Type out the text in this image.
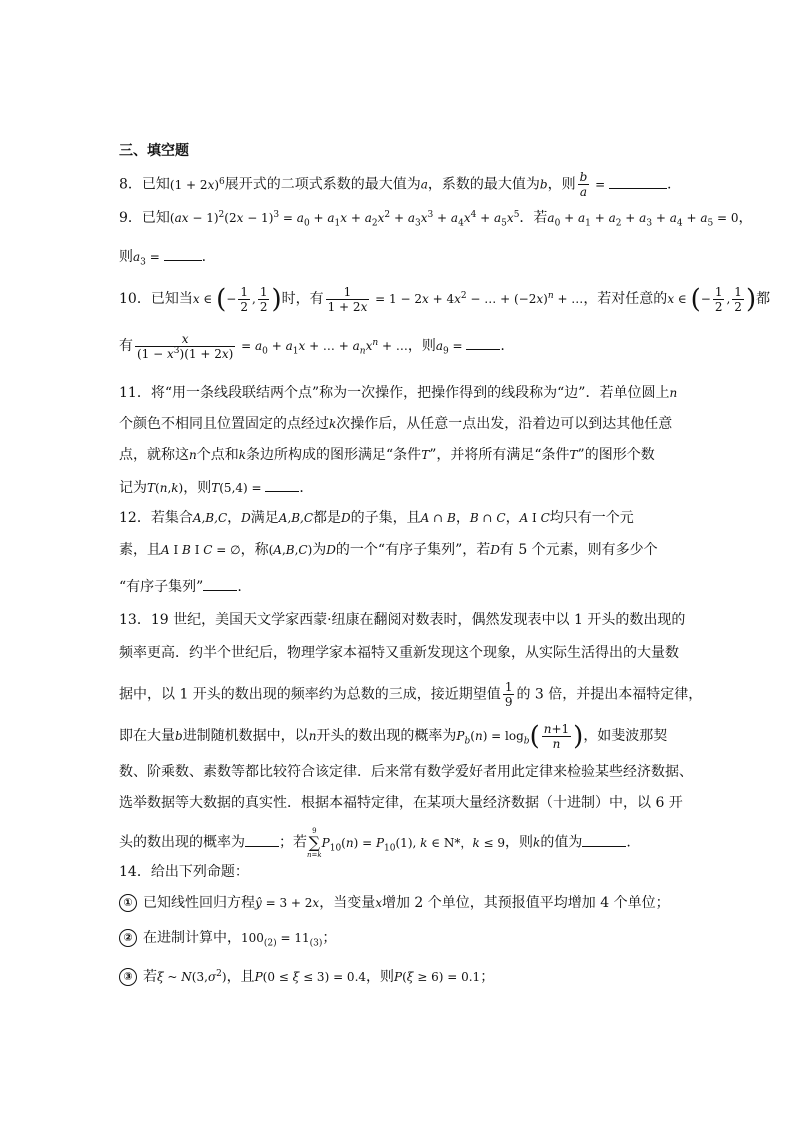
三、填空题
8．已知$(1 + 2x)^6$展开式的二项式系数的最大值为a，系数的最大值为b，则 $\frac{b}{a}$ =	.
9．已知$(ax - 1)^2(2x - 1)^3 = a_0 + a_1x + a_2x^2 + a_3x^3 + a_4x^4 + a_5x^5$．若$a_0 + a_1 + a_2 + a_3 + a_4 + a_5 = 0$，
则$a_3$ =	.
10．已知当x ∈ (− $\frac{1}{2}$ , $\frac{1}{2}$ )时，有 $\frac{1}{1 + 2x} = 1 - 2x + 4x^2$ − … + $(-2x)^n$ + …，若对任意的x ∈ (− $\frac{1}{2}$ , $\frac{1}{2}$ )都
有 $\frac{x}{(1 - x^3)(1 + 2x)} = a_0 + a_1x$ + … + $a_nx^n$ + …，则$a_9$ = .
11．将“用一条线段联结两个点”称为一次操作，把操作得到的线段称为“边”．若单位圆上n
个颜色不相同且位置固定的点经过k次操作后，从任意一点出发，沿着边可以到达其他任意
点，就称这n个点和k条边所构成的图形满足“条件T”，并将所有满足“条件T”的图形个数
记为T(n,k)，则T(5,4) = ．
12．若集合A,B,C，D满足A,B,C都是D的子集，且A ∩ B，B ∩ C，A I C均只有一个元
素，且A I B I C = ∅，称(A,B,C)为D的一个“有序子集列”，若D有 5 个元素，则有多少个
“有序子集列” .
13．19 世纪，美国天文学家西蒙·纽康在翻阅对数表时，偶然发现表中以 1 开头的数出现的
频率更高．约半个世纪后，物理学家本福特又重新发现这个现象，从实际生活得出的大量数
据中，以 1 开头的数出现的频率约为总数的三成，接近期望值 $\frac{1}{9}$ 的 3 倍，并提出本福特定律，
即在大量b进制随机数据中，以n开头的数出现的概率为$P_b(n) = \log_b( \frac{n+1}{n}$ )，如斐波那契
数、阶乘数、素数等都比较符合该定律．后来常有数学爱好者用此定律来检验某些经济数据、
选举数据等大数据的真实性．根据本福特定律，在某项大量经济数据（十进制）中，以 6 开
头的数出现的概率为 ；若
9
∑
n=k
$P_{10}(n) = P_{10}(1)$, k ∈ N*，k ≤ 9，则k的值为	.
14．给出下列命题：
① 已知线性回归方程ŷ = 3 + 2x，当变量x增加 2 个单位，其预报值平均增加 4 个单位；
② 在进制计算中，$100_{(2)} = 11_{(3)}$；
③ 若ξ ~ $N(3,\sigma^2)$，且P(0 ≤ ξ ≤ 3) = 0.4，则P(ξ ≥ 6) = 0.1；
